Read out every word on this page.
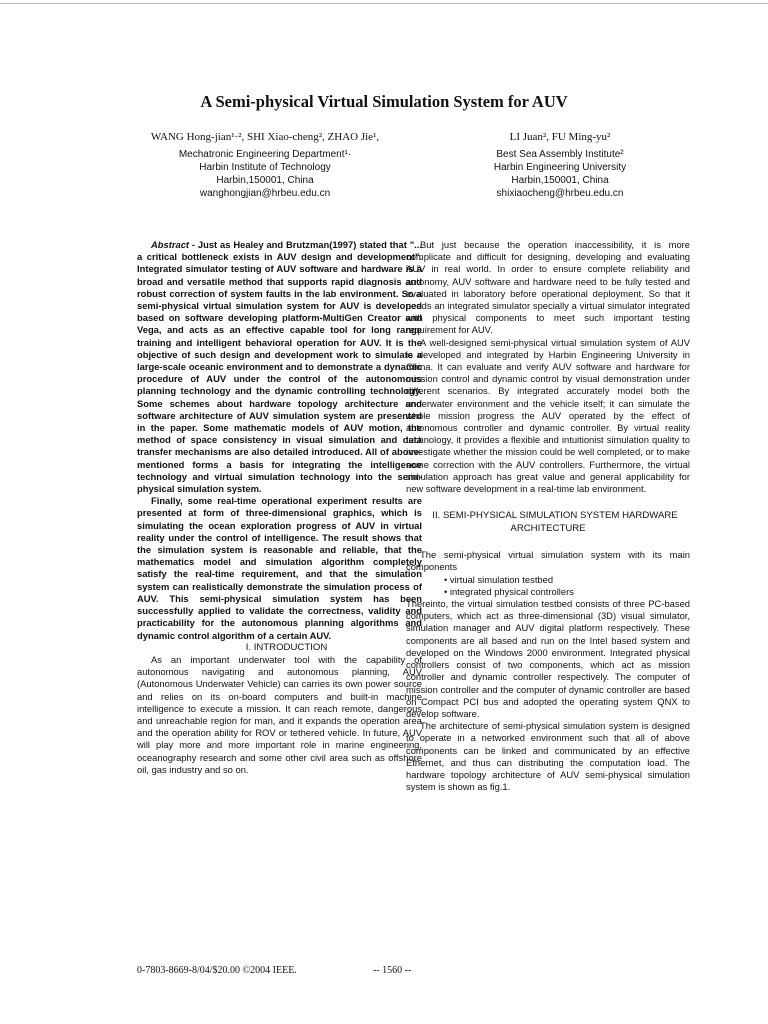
A Semi-physical Virtual Simulation System for AUV
WANG Hong-jian¹·², SHI Xiao-cheng², ZHAO Jie¹,
Mechatronic Engineering Department¹·
Harbin Institute of Technology
Harbin,150001, China
wanghongjian@hrbeu.edu.cn
LI Juan², FU Ming-yu²
Best Sea Assembly Institute²
Harbin Engineering University
Harbin,150001, China
shixiaocheng@hrbeu.edu.cn

Abstract - Just as Healey and Brutzman(1997) stated that "... a critical bottleneck exists in AUV design and development". Integrated simulator testing of AUV software and hardware is a broad and versatile method that supports rapid diagnosis and robust correction of system faults in the lab environment. So a semi-physical virtual simulation system for AUV is developed based on software developing platform-MultiGen Creator and Vega, and acts as an effective capable tool for long range training and intelligent behavioral operation for AUV. It is the objective of such design and development work to simulate a large-scale oceanic environment and to demonstrate a dynamic procedure of AUV under the control of the autonomous planning technology and the dynamic controlling technology. Some schemes about hardware topology architecture and software architecture of AUV simulation system are presented in the paper. Some mathematic models of AUV motion, the method of space consistency in visual simulation and data transfer mechanisms are also detailed introduced. All of above-mentioned forms a basis for integrating the intelligence technology and virtual simulation technology into the semi-physical simulation system.

Finally, some real-time operational experiment results are presented at form of three-dimensional graphics, which is simulating the ocean exploration progress of AUV in virtual reality under the control of intelligence. The result shows that the simulation system is reasonable and reliable, that the mathematics model and simulation algorithm completely satisfy the real-time requirement, and that the simulation system can realistically demonstrate the simulation process of AUV. This semi-physical simulation system has been successfully applied to validate the correctness, validity and practicability for the autonomous planning algorithms and dynamic control algorithm of a certain AUV.

I. INTRODUCTION

As an important underwater tool with the capability of autonomous navigating and autonomous planning, AUV (Autonomous Underwater Vehicle) can carries its own power source and relies on its on-board computers and built-in machine intelligence to execute a mission. It can reach remote, dangerous and unreachable region for man, and it expands the operation area and the operation ability for ROV or tethered vehicle. In future, AUV will play more and more important role in marine engineering, oceanography research and some other civil area such as offshore oil, gas industry and so on.

But just because the operation inaccessibility, it is more complicate and difficult for designing, developing and evaluating AUV in real world. In order to ensure complete reliability and autonomy, AUV software and hardware need to be fully tested and evaluated in laboratory before operational deployment. So that it needs an integrated simulator specially a virtual simulator integrated with physical components to meet such important testing requirement for AUV.

A well-designed semi-physical virtual simulation system of AUV is developed and integrated by Harbin Engineering University in China. It can evaluate and verify AUV software and hardware for mission control and dynamic control by visual demonstration under different scenarios. By integrated accurately model both the underwater environment and the vehicle itself; it can simulate the whole mission progress the AUV operated by the effect of autonomous controller and dynamic controller. By virtual reality technology, it provides a flexible and intuitionist simulation quality to investigate whether the mission could be well completed, or to make some correction with the AUV controllers. Furthermore, the virtual simulation approach has great value and general applicability for new software development in a real-time lab environment.

II. SEMI-PHYSICAL SIMULATION SYSTEM HARDWARE
ARCHITECTURE

The semi-physical virtual simulation system with its main components

• virtual simulation testbed

• integrated physical controllers

Thereinto, the virtual simulation testbed consists of three PC-based computers, which act as three-dimensional (3D) visual simulator, simulation manager and AUV digital platform respectively. These components are all based and run on the Intel based system and developed on the Windows 2000 environment. Integrated physical controllers consist of two components, which act as mission controller and dynamic controller respectively. The computer of mission controller and the computer of dynamic controller are based on Compact PCI bus and adopted the operating system QNX to develop software.

The architecture of semi-physical simulation system is designed to operate in a networked environment such that all of above components can be linked and communicated by an effective Ethernet, and thus can distributing the computation load. The hardware topology architecture of AUV semi-physical simulation system is shown as fig.1.

0-7803-8669-8/04/$20.00 ©2004 IEEE.	-- 1560 --
